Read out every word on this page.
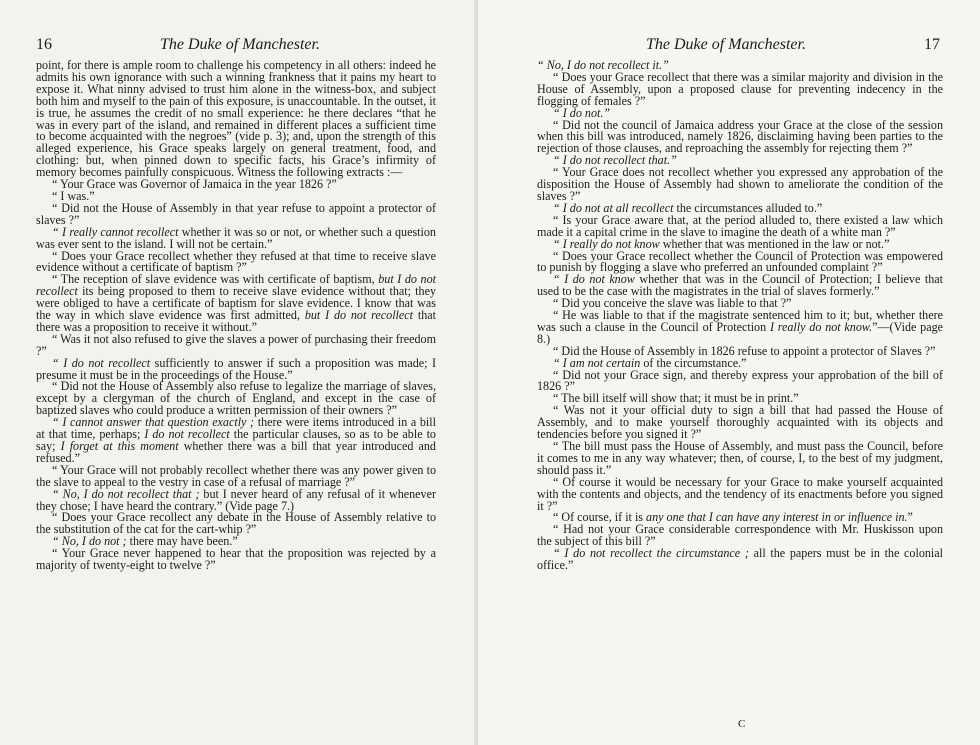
16	The Duke of Manchester.

point, for there is ample room to challenge his competency in all others: indeed he admits his own ignorance with such a winning frankness that it pains my heart to expose it. What ninny advised to trust him alone in the witness-box, and subject both him and myself to the pain of this exposure, is unaccountable. In the outset, it is true, he assumes the credit of no small experience: he there declares “that he was in every part of the island, and remained in different places a sufficient time to become acquainted with the negroes” (vide p. 3); and, upon the strength of this alleged experience, his Grace speaks largely on general treatment, food, and clothing: but, when pinned down to specific facts, his Grace’s infirmity of memory becomes painfully conspicuous. Witness the following extracts :—

“ Your Grace was Governor of Jamaica in the year 1826 ?”

“ I was.”

“ Did not the House of Assembly in that year refuse to appoint a protector of slaves ?”

“ I really cannot recollect whether it was so or not, or whether such a question was ever sent to the island. I will not be certain.”

“ Does your Grace recollect whether they refused at that time to receive slave evidence without a certificate of baptism ?”

“ The reception of slave evidence was with certificate of baptism, but I do not recollect its being proposed to them to receive slave evidence without that; they were obliged to have a certificate of baptism for slave evidence. I know that was the way in which slave evidence was first admitted, but I do not recollect that there was a proposition to receive it without.”

“ Was it not also refused to give the slaves a power of purchasing their freedom ?”

“ I do not recollect sufficiently to answer if such a proposition was made; I presume it must be in the proceedings of the House.”

“ Did not the House of Assembly also refuse to legalize the marriage of slaves, except by a clergyman of the church of England, and except in the case of baptized slaves who could produce a written permission of their owners ?”

“ I cannot answer that question exactly ; there were items introduced in a bill at that time, perhaps; I do not recollect the particular clauses, so as to be able to say; I forget at this moment whether there was a bill that year introduced and refused.”

“ Your Grace will not probably recollect whether there was any power given to the slave to appeal to the vestry in case of a refusal of marriage ?”

“ No, I do not recollect that ; but I never heard of any refusal of it whenever they chose; I have heard the contrary.” (Vide page 7.)

“ Does your Grace recollect any debate in the House of Assembly relative to the substitution of the cat for the cart-whip ?”

“ No, I do not ; there may have been.”

“ Your Grace never happened to hear that the proposition was rejected by a majority of twenty-eight to twelve ?”

The Duke of Manchester.	17

“ No, I do not recollect it.”

“ Does your Grace recollect that there was a similar majority and division in the House of Assembly, upon a proposed clause for preventing indecency in the flogging of females ?”

“ I do not.”

“ Did not the council of Jamaica address your Grace at the close of the session when this bill was introduced, namely 1826, disclaiming having been parties to the rejection of those clauses, and reproaching the assembly for rejecting them ?”

“ I do not recollect that.”

“ Your Grace does not recollect whether you expressed any approbation of the disposition the House of Assembly had shown to ameliorate the condition of the slaves ?”

“ I do not at all recollect the circumstances alluded to.”

“ Is your Grace aware that, at the period alluded to, there existed a law which made it a capital crime in the slave to imagine the death of a white man ?”

“ I really do not know whether that was mentioned in the law or not.”

“ Does your Grace recollect whether the Council of Protection was empowered to punish by flogging a slave who preferred an unfounded complaint ?”

“ I do not know whether that was in the Council of Protection; I believe that used to be the case with the magistrates in the trial of slaves formerly.”

“ Did you conceive the slave was liable to that ?”

“ He was liable to that if the magistrate sentenced him to it; but, whether there was such a clause in the Council of Protection I really do not know.”—(Vide page 8.)

“ Did the House of Assembly in 1826 refuse to appoint a protector of Slaves ?”

“ I am not certain of the circumstance.”

“ Did not your Grace sign, and thereby express your approbation of the bill of 1826 ?”

“ The bill itself will show that; it must be in print.”

“ Was not it your official duty to sign a bill that had passed the House of Assembly, and to make yourself thoroughly acquainted with its objects and tendencies before you signed it ?”

“ The bill must pass the House of Assembly, and must pass the Council, before it comes to me in any way whatever; then, of course, I, to the best of my judgment, should pass it.”

“ Of course it would be necessary for your Grace to make yourself acquainted with the contents and objects, and the tendency of its enactments before you signed it ?”

“ Of course, if it is any one that I can have any interest in or influence in.”

“ Had not your Grace considerable correspondence with Mr. Huskisson upon the subject of this bill ?”

“ I do not recollect the circumstance ; all the papers must be in the colonial office.”

C
